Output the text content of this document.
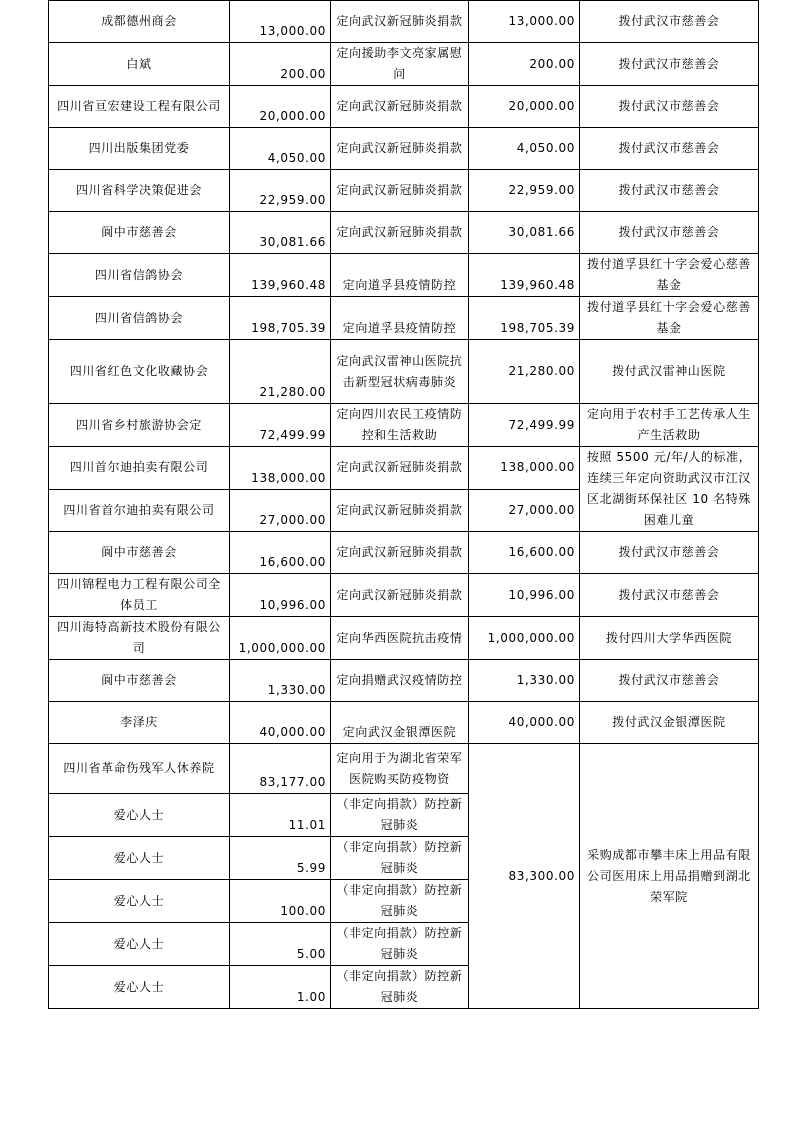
成都德州商会	13,000.00	定向武汉新冠肺炎捐款	13,000.00	拨付武汉市慈善会
白斌	200.00	定向援助李文亮家属慰问	200.00	拨付武汉市慈善会
四川省亘宏建设工程有限公司	20,000.00	定向武汉新冠肺炎捐款	20,000.00	拨付武汉市慈善会
四川出版集团党委	4,050.00	定向武汉新冠肺炎捐款	4,050.00	拨付武汉市慈善会
四川省科学决策促进会	22,959.00	定向武汉新冠肺炎捐款	22,959.00	拨付武汉市慈善会
阆中市慈善会	30,081.66	定向武汉新冠肺炎捐款	30,081.66	拨付武汉市慈善会
四川省信鸽协会	139,960.48	定向道孚县疫情防控	139,960.48	拨付道孚县红十字会爱心慈善基金
四川省信鸽协会	198,705.39	定向道孚县疫情防控	198,705.39	拨付道孚县红十字会爱心慈善基金
四川省红色文化收藏协会	21,280.00	定向武汉雷神山医院抗击新型冠状病毒肺炎	21,280.00	拨付武汉雷神山医院
四川省乡村旅游协会定	72,499.99	定向四川农民工疫情防控和生活救助	72,499.99	定向用于农村手工艺传承人生产生活救助
四川首尔迪拍卖有限公司	138,000.00	定向武汉新冠肺炎捐款	138,000.00	按照 5500 元/年/人的标准，连续三年定向资助武汉市江汉区北湖街环保社区 10 名特殊困难儿童
四川省首尔迪拍卖有限公司	27,000.00	定向武汉新冠肺炎捐款	27,000.00	
阆中市慈善会	16,600.00	定向武汉新冠肺炎捐款	16,600.00	拨付武汉市慈善会
四川锦程电力工程有限公司全体员工	10,996.00	定向武汉新冠肺炎捐款	10,996.00	拨付武汉市慈善会
四川海特高新技术股份有限公司	1,000,000.00	定向华西医院抗击疫情	1,000,000.00	拨付四川大学华西医院
阆中市慈善会	1,330.00	定向捐赠武汉疫情防控	1,330.00	拨付武汉市慈善会
李泽庆	40,000.00	定向武汉金银潭医院	40,000.00	拨付武汉金银潭医院
四川省革命伤残军人休养院	83,177.00	定向用于为湖北省荣军医院购买防疫物资	83,300.00	采购成都市攀丰床上用品有限公司医用床上用品捐赠到湖北荣军院
爱心人士	11.01	（非定向捐款）防控新冠肺炎		
爱心人士	5.99	（非定向捐款）防控新冠肺炎		
爱心人士	100.00	（非定向捐款）防控新冠肺炎		
爱心人士	5.00	（非定向捐款）防控新冠肺炎		
爱心人士	1.00	（非定向捐款）防控新冠肺炎		
